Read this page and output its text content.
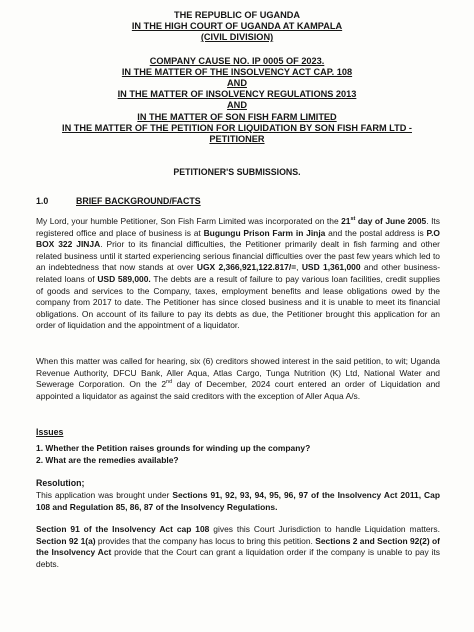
THE REPUBLIC OF UGANDA
IN THE HIGH COURT OF UGANDA AT KAMPALA
(CIVIL DIVISION)
COMPANY CAUSE NO. IP 0005 OF 2023.
IN THE MATTER OF THE INSOLVENCY ACT CAP. 108
AND
IN THE MATTER OF INSOLVENCY REGULATIONS 2013
AND
IN THE MATTER OF SON FISH FARM LIMITED
IN THE MATTER OF THE PETITION FOR LIQUIDATION BY SON FISH FARM LTD -
PETITIONER
PETITIONER'S SUBMISSIONS.
1.0	BRIEF BACKGROUND/FACTS
My Lord, your humble Petitioner, Son Fish Farm Limited was incorporated on the 21st day of June 2005. Its registered office and place of business is at Bugungu Prison Farm in Jinja and the postal address is P.O BOX 322 JINJA. Prior to its financial difficulties, the Petitioner primarily dealt in fish farming and other related business until it started experiencing serious financial difficulties over the past few years which led to an indebtedness that now stands at over UGX 2,366,921,122.817/=, USD 1,361,000 and other business-related loans of USD 589,000. The debts are a result of failure to pay various loan facilities, credit supplies of goods and services to the Company, taxes, employment benefits and lease obligations owed by the company from 2017 to date. The Petitioner has since closed business and it is unable to meet its financial obligations. On account of its failure to pay its debts as due, the Petitioner brought this application for an order of liquidation and the appointment of a liquidator.
When this matter was called for hearing, six (6) creditors showed interest in the said petition, to wit; Uganda Revenue Authority, DFCU Bank, Aller Aqua, Atlas Cargo, Tunga Nutrition (K) Ltd, National Water and Sewerage Corporation. On the 2nd day of December, 2024 court entered an order of Liquidation and appointed a liquidator as against the said creditors with the exception of Aller Aqua A/s.
Issues
1. Whether the Petition raises grounds for winding up the company?
2. What are the remedies available?
Resolution;
This application was brought under Sections 91, 92, 93, 94, 95, 96, 97 of the Insolvency Act 2011, Cap 108 and Regulation 85, 86, 87 of the Insolvency Regulations.
Section 91 of the Insolvency Act cap 108 gives this Court Jurisdiction to handle Liquidation matters. Section 92 1(a) provides that the company has locus to bring this petition. Sections 2 and Section 92(2) of the Insolvency Act provide that the Court can grant a liquidation order if the company is unable to pay its debts.
